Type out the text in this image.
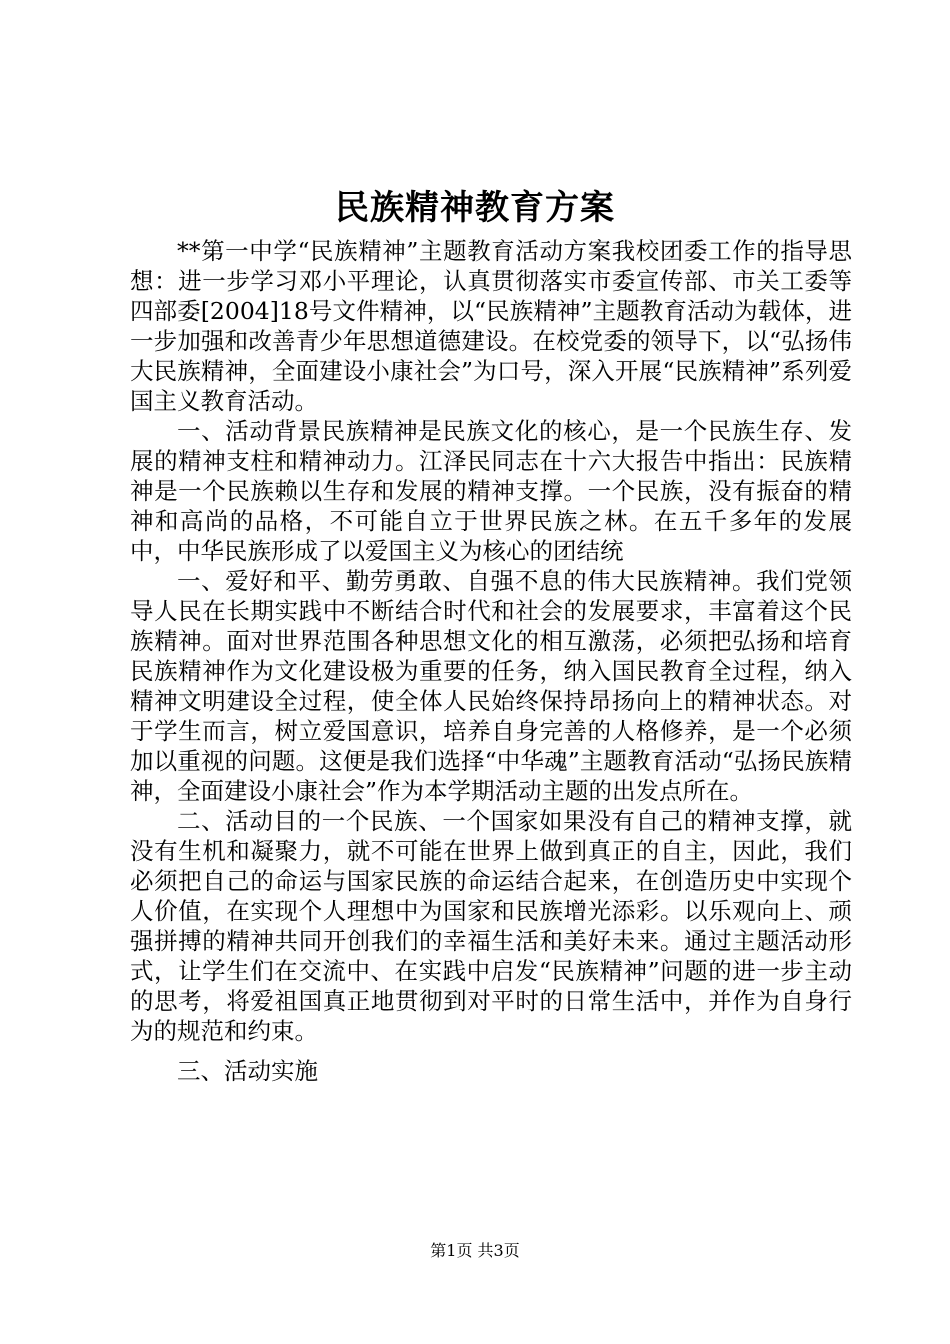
民族精神教育方案

**第一中学“民族精神”主题教育活动方案我校团委工作的指导思想：进一步学习邓小平理论，认真贯彻落实市委宣传部、市关工委等四部委[2004]18号文件精神，以“民族精神”主题教育活动为载体，进一步加强和改善青少年思想道德建设。在校党委的领导下，以“弘扬伟大民族精神，全面建设小康社会”为口号，深入开展“民族精神”系列爱国主义教育活动。

一、活动背景民族精神是民族文化的核心，是一个民族生存、发展的精神支柱和精神动力。江泽民同志在十六大报告中指出：民族精神是一个民族赖以生存和发展的精神支撑。一个民族，没有振奋的精神和高尚的品格，不可能自立于世界民族之林。在五千多年的发展中，中华民族形成了以爱国主义为核心的团结统

一、爱好和平、勤劳勇敢、自强不息的伟大民族精神。我们党领导人民在长期实践中不断结合时代和社会的发展要求，丰富着这个民族精神。面对世界范围各种思想文化的相互激荡，必须把弘扬和培育民族精神作为文化建设极为重要的任务，纳入国民教育全过程，纳入精神文明建设全过程，使全体人民始终保持昂扬向上的精神状态。对于学生而言，树立爱国意识，培养自身完善的人格修养，是一个必须加以重视的问题。这便是我们选择“中华魂”主题教育活动“弘扬民族精神，全面建设小康社会”作为本学期活动主题的出发点所在。

二、活动目的一个民族、一个国家如果没有自己的精神支撑，就没有生机和凝聚力，就不可能在世界上做到真正的自主，因此，我们必须把自己的命运与国家民族的命运结合起来，在创造历史中实现个人价值，在实现个人理想中为国家和民族增光添彩。以乐观向上、顽强拼搏的精神共同开创我们的幸福生活和美好未来。通过主题活动形式，让学生们在交流中、在实践中启发“民族精神”问题的进一步主动的思考，将爱祖国真正地贯彻到对平时的日常生活中，并作为自身行为的规范和约束。

三、活动实施

第1页 共3页
